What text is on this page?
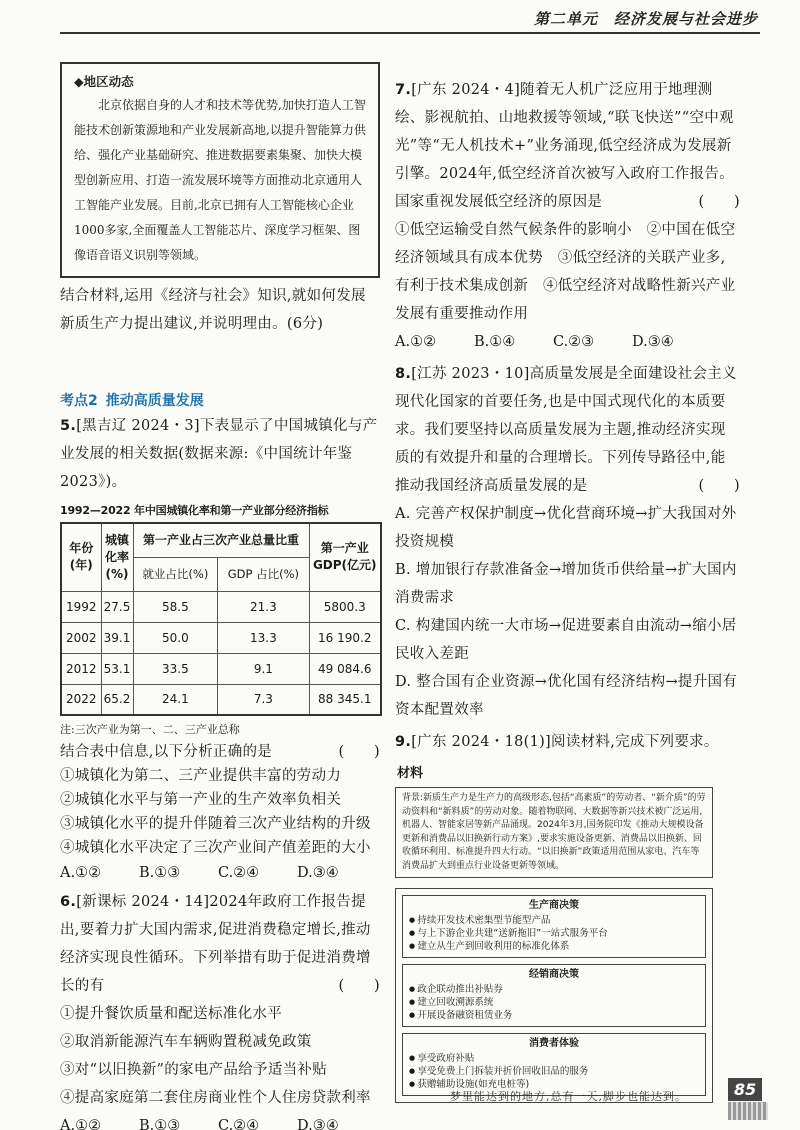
第二单元　经济发展与社会进步
◆地区动态
北京依据自身的人才和技术等优势,加快打造人工智能技术创新策源地和产业发展新高地,以提升智能算力供给、强化产业基础研究、推进数据要素集聚、加快大模型创新应用、打造一流发展环境等方面推动北京通用人工智能产业发展。目前,北京已拥有人工智能核心企业1000多家,全面覆盖人工智能芯片、深度学习框架、图像语音语义识别等领域。
结合材料,运用《经济与社会》知识,就如何发展新质生产力提出建议,并说明理由。(6分)
考点2 推动高质量发展
5.[黑吉辽 2024・3]下表显示了中国城镇化与产业发展的相关数据(数据来源:《中国统计年鉴2023》)。
1992—2022 年中国城镇化率和第一产业部分经济指标
年份(年)	城镇化率(%)	第一产业占三次产业总量比重		第一产业GDP(亿元)
		就业占比(%)	GDP 占比(%)	
1992	27.5	58.5	21.3	5800.3
2002	39.1	50.0	13.3	16 190.2
2012	53.1	33.5	9.1	49 084.6
2022	65.2	24.1	7.3	88 345.1
注:三次产业为第一、二、三产业总称
结合表中信息,以下分析正确的是	(　　)
①城镇化为第二、三产业提供丰富的劳动力
②城镇化水平与第一产业的生产效率负相关
③城镇化水平的提升伴随着三次产业结构的升级
④城镇化水平决定了三次产业间产值差距的大小
A.①②	B.①③	C.②④	D.③④
6.[新课标 2024・14]2024年政府工作报告提出,要着力扩大国内需求,促进消费稳定增长,推动经济实现良性循环。下列举措有助于促进消费增长的有	(　　)
①提升餐饮质量和配送标准化水平
②取消新能源汽车车辆购置税减免政策
③对“以旧换新”的家电产品给予适当补贴
④提高家庭第二套住房商业性个人住房贷款利率
A.①②	B.①③	C.②④	D.③④
7.[广东 2024・4]随着无人机广泛应用于地理测绘、影视航拍、山地救援等领域,“联飞快送”“空中观光”等“无人机技术+”业务涌现,低空经济成为发展新引擎。2024年,低空经济首次被写入政府工作报告。国家重视发展低空经济的原因是	(　　)
①低空运输受自然气候条件的影响小　②中国在低空经济领域具有成本优势　③低空经济的关联产业多,有利于技术集成创新　④低空经济对战略性新兴产业发展有重要推动作用
A.①②	B.①④	C.②③	D.③④
8.[江苏 2023・10]高质量发展是全面建设社会主义现代化国家的首要任务,也是中国式现代化的本质要求。我们要坚持以高质量发展为主题,推动经济实现质的有效提升和量的合理增长。下列传导路径中,能推动我国经济高质量发展的是	(　　)
A. 完善产权保护制度→优化营商环境→扩大我国对外投资规模
B. 增加银行存款准备金→增加货币供给量→扩大国内消费需求
C. 构建国内统一大市场→促进要素自由流动→缩小居民收入差距
D. 整合国有企业资源→优化国有经济结构→提升国有资本配置效率
9.[广东 2024・18(1)]阅读材料,完成下列要求。
材料
背景:新质生产力是生产力的高级形态,包括“高素质”的劳动者、“新介质”的劳动资料和“新料质”的劳动对象。随着物联网、大数据等新兴技术被广泛运用,机器人、智能家居等新产品涌现。2024年3月,国务院印发《推动大规模设备更新和消费品以旧换新行动方案》,要求实施设备更新、消费品以旧换新、回收循环利用、标准提升四大行动。“以旧换新”政策适用范围从家电、汽车等消费品扩大到重点行业设备更新等领域。
生产商决策
● 持续开发技术密集型节能型产品
● 与上下游企业共建“送新拖旧”一站式服务平台
● 建立从生产到回收利用的标准化体系
经销商决策
● 政企联动推出补贴券
● 建立回收溯源系统
● 开展设备融资租赁业务
消费者体验
● 享受政府补贴
● 享受免费上门拆装并折价回收旧品的服务
● 获赠辅助设施(如充电桩等)
梦里能达到的地方,总有一天,脚步也能达到。	85
